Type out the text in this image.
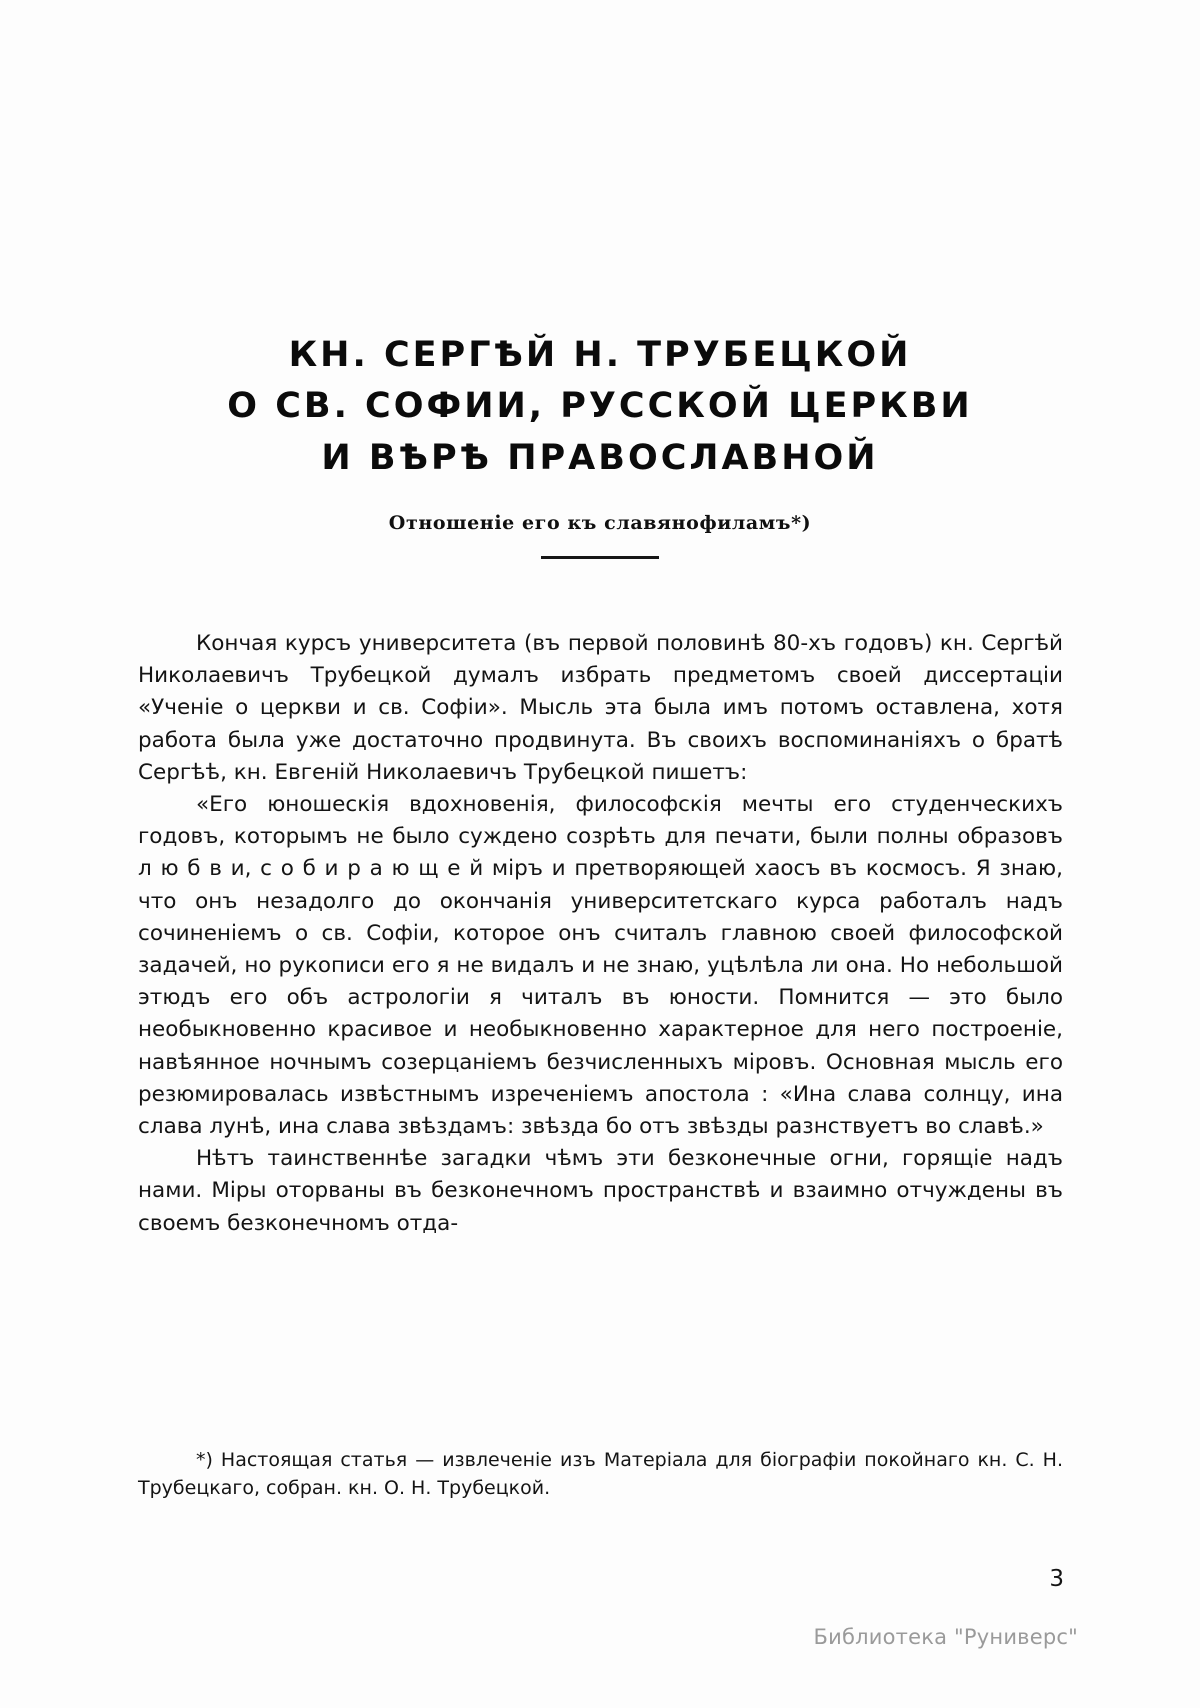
КН. СЕРГѢЙ Н. ТРУБЕЦКОЙ
О СВ. СОФИИ, РУССКОЙ ЦЕРКВИ
И ВѢРѢ ПРАВОСЛАВНОЙ
Отношеніе его къ славянофиламъ*)

Кончая курсъ университета (въ первой половинѣ 80-хъ годовъ) кн. Сергѣй Николаевичъ Трубецкой думалъ избрать предметомъ своей диссертаціи «Ученіе о церкви и св. Софіи». Мысль эта была имъ потомъ оставлена, хотя работа была уже достаточно продвинута. Въ своихъ воспоминаніяхъ о братѣ Сергѣѣ, кн. Евгеній Николаевичъ Трубецкой пишетъ:

«Его юношескія вдохновенія, философскія мечты его студенческихъ годовъ, которымъ не было суждено созрѣть для печати, были полны образовъ л ю б в и, с о б и р а ю щ е й міръ и претворяющей хаосъ въ космосъ. Я знаю, что онъ незадолго до окончанія университетскаго курса работалъ надъ сочиненіемъ о св. Софіи, которое онъ считалъ главною своей философской задачей, но рукописи его я не видалъ и не знаю, уцѣлѣла ли она. Но небольшой этюдъ его объ астрологіи я читалъ въ юности. Помнится — это было необыкновенно красивое и необыкновенно характерное для него построеніе, навѣянное ночнымъ созерцаніемъ безчисленныхъ міровъ. Основная мысль его резюмировалась извѣстнымъ изреченіемъ апостола : «Ина слава солнцу, ина слава лунѣ, ина слава звѣздамъ: звѣзда бо отъ звѣзды разнствуетъ во славѣ.»

Нѣтъ таинственнѣе загадки чѣмъ эти безконечные огни, горящіе надъ нами. Міры оторваны въ безконечномъ пространствѣ и взаимно отчуждены въ своемъ безконечномъ отда-

*) Настоящая статья — извлеченіе изъ Матеріала для біографіи покойнаго кн. С. Н. Трубецкаго, собран. кн. О. Н. Трубецкой.

3
Библиотека "Руниверс"
